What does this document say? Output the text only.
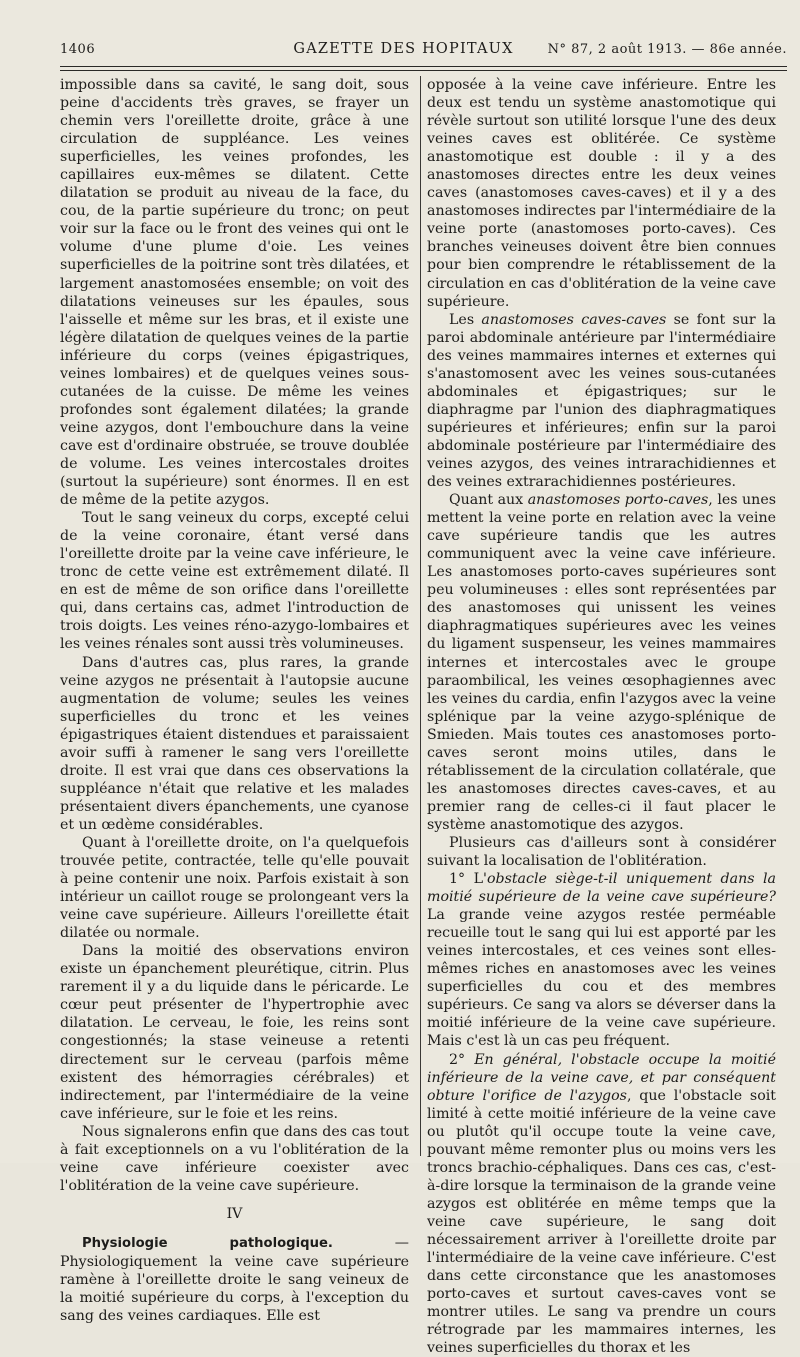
1406	GAZETTE DES HOPITAUX	N° 87, 2 août 1913. — 86e année.

impossible dans sa cavité, le sang doit, sous peine d'accidents très graves, se frayer un chemin vers l'oreillette droite, grâce à une circulation de suppléance. Les veines superficielles, les veines profondes, les capillaires eux-mêmes se dilatent. Cette dilatation se produit au niveau de la face, du cou, de la partie supérieure du tronc; on peut voir sur la face ou le front des veines qui ont le volume d'une plume d'oie. Les veines superficielles de la poitrine sont très dilatées, et largement anastomosées ensemble; on voit des dilatations veineuses sur les épaules, sous l'aisselle et même sur les bras, et il existe une légère dilatation de quelques veines de la partie inférieure du corps (veines épigastriques, veines lombaires) et de quelques veines sous-cutanées de la cuisse. De même les veines profondes sont également dilatées; la grande veine azygos, dont l'embouchure dans la veine cave est d'ordinaire obstruée, se trouve doublée de volume. Les veines intercostales droites (surtout la supérieure) sont énormes. Il en est de même de la petite azygos.

Tout le sang veineux du corps, excepté celui de la veine coronaire, étant versé dans l'oreillette droite par la veine cave inférieure, le tronc de cette veine est extrêmement dilaté. Il en est de même de son orifice dans l'oreillette qui, dans certains cas, admet l'introduction de trois doigts. Les veines réno-azygo-lombaires et les veines rénales sont aussi très volumineuses.

Dans d'autres cas, plus rares, la grande veine azygos ne présentait à l'autopsie aucune augmentation de volume; seules les veines superficielles du tronc et les veines épigastriques étaient distendues et paraissaient avoir suffi à ramener le sang vers l'oreillette droite. Il est vrai que dans ces observations la suppléance n'était que relative et les malades présentaient divers épanchements, une cyanose et un œdème considérables.

Quant à l'oreillette droite, on l'a quelquefois trouvée petite, contractée, telle qu'elle pouvait à peine contenir une noix. Parfois existait à son intérieur un caillot rouge se prolongeant vers la veine cave supérieure. Ailleurs l'oreillette était dilatée ou normale.

Dans la moitié des observations environ existe un épanchement pleurétique, citrin. Plus rarement il y a du liquide dans le péricarde. Le cœur peut présenter de l'hypertrophie avec dilatation. Le cerveau, le foie, les reins sont congestionnés; la stase veineuse a retenti directement sur le cerveau (parfois même existent des hémorragies cérébrales) et indirectement, par l'intermédiaire de la veine cave inférieure, sur le foie et les reins.

Nous signalerons enfin que dans des cas tout à fait exceptionnels on a vu l'oblitération de la veine cave inférieure coexister avec l'oblitération de la veine cave supérieure.

IV

Physiologie pathologique. — Physiologiquement la veine cave supérieure ramène à l'oreillette droite le sang veineux de la moitié supérieure du corps, à l'exception du sang des veines cardiaques. Elle est

opposée à la veine cave inférieure. Entre les deux est tendu un système anastomotique qui révèle surtout son utilité lorsque l'une des deux veines caves est oblitérée. Ce système anastomotique est double : il y a des anastomoses directes entre les deux veines caves (anastomoses caves-caves) et il y a des anastomoses indirectes par l'intermédiaire de la veine porte (anastomoses porto-caves). Ces branches veineuses doivent être bien connues pour bien comprendre le rétablissement de la circulation en cas d'oblitération de la veine cave supérieure.

Les anastomoses caves-caves se font sur la paroi abdominale antérieure par l'intermédiaire des veines mammaires internes et externes qui s'anastomosent avec les veines sous-cutanées abdominales et épigastriques; sur le diaphragme par l'union des diaphragmatiques supérieures et inférieures; enfin sur la paroi abdominale postérieure par l'intermédiaire des veines azygos, des veines intrarachidiennes et des veines extrarachidiennes postérieures.

Quant aux anastomoses porto-caves, les unes mettent la veine porte en relation avec la veine cave supérieure tandis que les autres communiquent avec la veine cave inférieure. Les anastomoses porto-caves supérieures sont peu volumineuses : elles sont représentées par des anastomoses qui unissent les veines diaphragmatiques supérieures avec les veines du ligament suspenseur, les veines mammaires internes et intercostales avec le groupe paraombilical, les veines œsophagiennes avec les veines du cardia, enfin l'azygos avec la veine splénique par la veine azygo-splénique de Smieden. Mais toutes ces anastomoses porto-caves seront moins utiles, dans le rétablissement de la circulation collatérale, que les anastomoses directes caves-caves, et au premier rang de celles-ci il faut placer le système anastomotique des azygos.

Plusieurs cas d'ailleurs sont à considérer suivant la localisation de l'oblitération.

1° L'obstacle siège-t-il uniquement dans la moitié supérieure de la veine cave supérieure? La grande veine azygos restée perméable recueille tout le sang qui lui est apporté par les veines intercostales, et ces veines sont elles-mêmes riches en anastomoses avec les veines superficielles du cou et des membres supérieurs. Ce sang va alors se déverser dans la moitié inférieure de la veine cave supérieure. Mais c'est là un cas peu fréquent.

2° En général, l'obstacle occupe la moitié inférieure de la veine cave, et par conséquent obture l'orifice de l'azygos, que l'obstacle soit limité à cette moitié inférieure de la veine cave ou plutôt qu'il occupe toute la veine cave, pouvant même remonter plus ou moins vers les troncs brachio-céphaliques. Dans ces cas, c'est-à-dire lorsque la terminaison de la grande veine azygos est oblitérée en même temps que la veine cave supérieure, le sang doit nécessairement arriver à l'oreillette droite par l'intermédiaire de la veine cave inférieure. C'est dans cette circonstance que les anastomoses porto-caves et surtout caves-caves vont se montrer utiles. Le sang va prendre un cours rétrograde par les mammaires internes, les veines superficielles du thorax et les
